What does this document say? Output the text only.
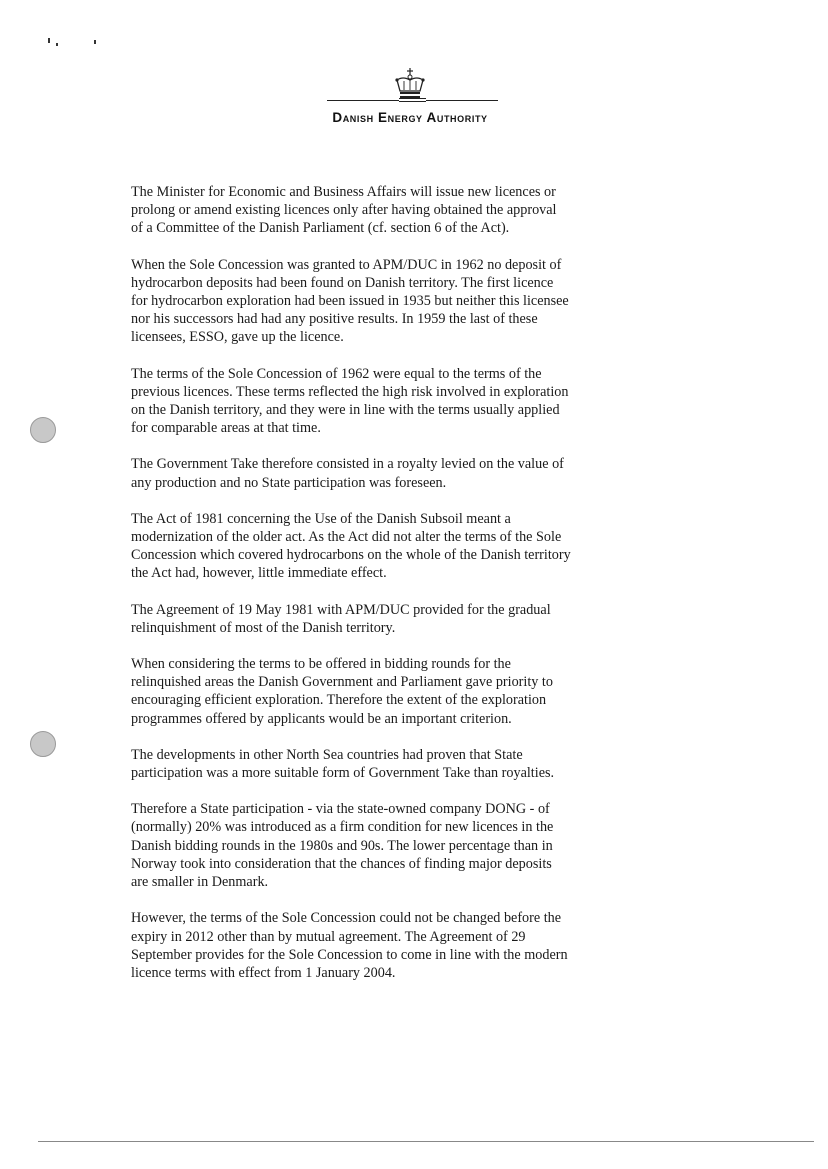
Danish Energy Authority

The Minister for Economic and Business Affairs will issue new licences or prolong or amend existing licences only after having obtained the approval of a Committee of the Danish Parliament (cf. section 6 of the Act).

When the Sole Concession was granted to APM/DUC in 1962 no deposit of hydrocarbon deposits had been found on Danish territory. The first licence for hydrocarbon exploration had been issued in 1935 but neither this licensee nor his successors had had any positive results. In 1959 the last of these licensees, ESSO, gave up the licence.

The terms of the Sole Concession of 1962 were equal to the terms of the previous licences. These terms reflected the high risk involved in exploration on the Danish territory, and they were in line with the terms usually applied for comparable areas at that time.

The Government Take therefore consisted in a royalty levied on the value of any production and no State participation was foreseen.

The Act of 1981 concerning the Use of the Danish Subsoil meant a modernization of the older act. As the Act did not alter the terms of the Sole Concession which covered hydrocarbons on the whole of the Danish territory the Act had, however, little immediate effect.

The Agreement of 19 May 1981 with APM/DUC provided for the gradual relinquishment of most of the Danish territory.

When considering the terms to be offered in bidding rounds for the relinquished areas the Danish Government and Parliament gave priority to encouraging efficient exploration. Therefore the extent of the exploration programmes offered by applicants would be an important criterion.

The developments in other North Sea countries had proven that State participation was a more suitable form of Government Take than royalties.

Therefore a State participation - via the state-owned company DONG - of (normally) 20% was introduced as a firm condition for new licences in the Danish bidding rounds in the 1980s and 90s. The lower percentage than in Norway took into consideration that the chances of finding major deposits are smaller in Denmark.

However, the terms of the Sole Concession could not be changed before the expiry in 2012 other than by mutual agreement. The Agreement of 29 September provides for the Sole Concession to come in line with the modern licence terms with effect from 1 January 2004.
